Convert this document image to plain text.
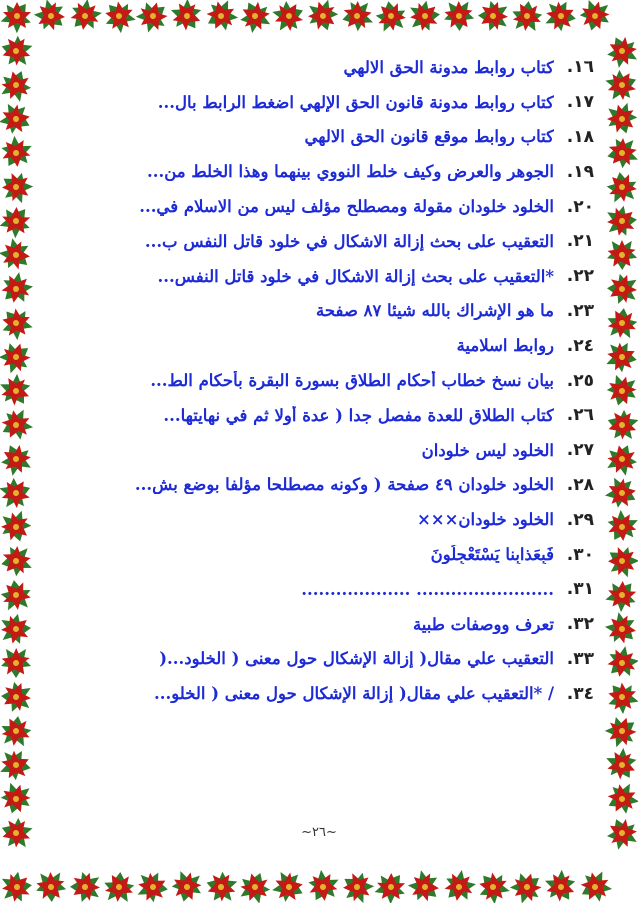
١٦.
كتاب روابط مدونة الحق الالهي
١٧.
كتاب روابط مدونة قانون الحق الإلهي اضغط الرابط بال...
١٨.
كتاب روابط موقع قانون الحق الالهي
١٩.
الجوهر والعرض وكيف خلط النووي بينهما وهذا الخلط من...
٢٠.
الخلود خلودان مقولة ومصطلح مؤلف ليس من الاسلام في...
٢١.
التعقيب على بحث إزالة الاشكال في خلود قاتل النفس ب...
٢٢.
*التعقيب على بحث إزالة الاشكال في خلود قاتل النفس...
٢٣.
ما هو الإشراك بالله شيئا ٨٧ صفحة
٢٤.
روابط اسلامية
٢٥.
بيان نسخ خطاب أحكام الطلاق بسورة البقرة بأحكام الط...
٢٦.
كتاب الطلاق للعدة مفصل جدا ( عدة أولا ثم في نهايتها...
٢٧.
الخلود ليس خلودان
٢٨.
الخلود خلودان ٤٩ صفحة ( وكونه مصطلحا مؤلفا بوضع بش...
٢٩.
الخلود خلودان×××
٣٠.
فَبِعَذابِنا يَسْتَعْجِلُونَ
٣١.
........................ ...................
٣٢.
تعرف ووصفات طبية
٣٣.
التعقيب علي مقال( إزالة الإشكال حول معنى ( الخلود...(
٣٤.
/ *التعقيب علي مقال( إزالة الإشكال حول معنى ( الخلو...
~٢٦~
